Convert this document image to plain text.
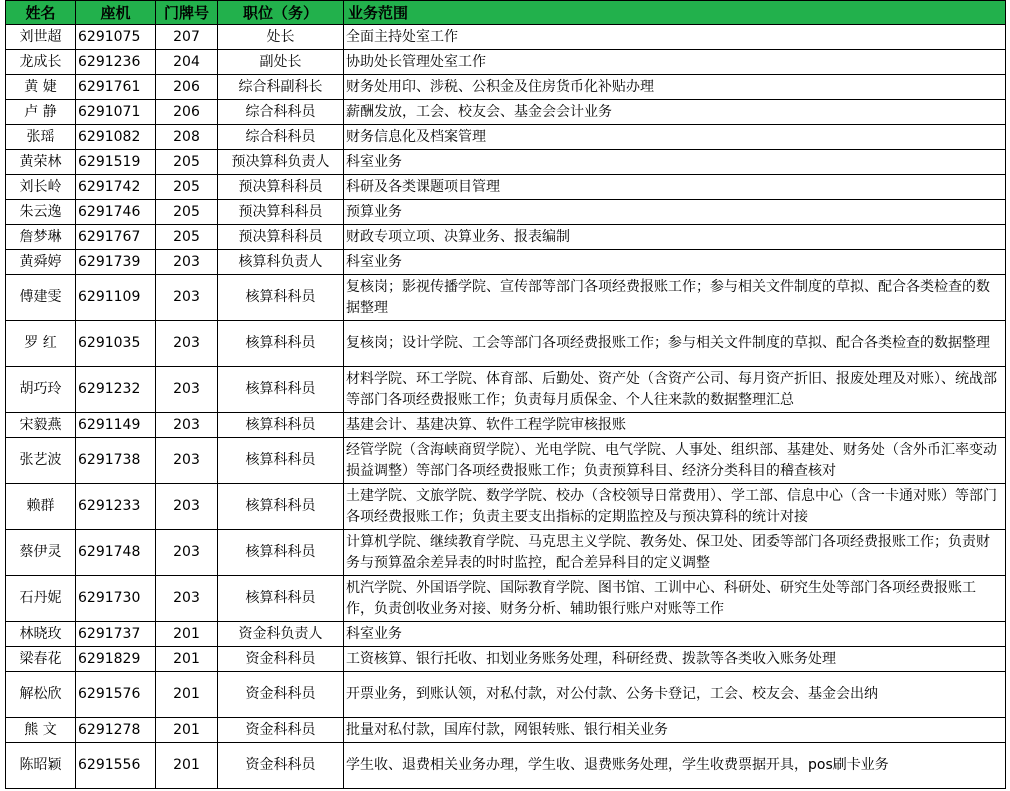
姓名	座机	门牌号	职位（务）	业务范围
刘世超	6291075	207	处长	全面主持处室工作
龙成长	6291236	204	副处长	协助处长管理处室工作
黄 婕	6291761	206	综合科副科长	财务处用印、涉税、公积金及住房货币化补贴办理
卢 静	6291071	206	综合科科员	薪酬发放，工会、校友会、基金会会计业务
张瑶	6291082	208	综合科科员	财务信息化及档案管理
黄荣林	6291519	205	预决算科负责人	科室业务
刘长岭	6291742	205	预决算科科员	科研及各类课题项目管理
朱云逸	6291746	205	预决算科科员	预算业务
詹梦琳	6291767	205	预决算科科员	财政专项立项、决算业务、报表编制
黄舜婷	6291739	203	核算科负责人	科室业务
傅建雯	6291109	203	核算科科员	复核岗；影视传播学院、宣传部等部门各项经费报账工作；参与相关文件制度的草拟、配合各类检查的数据整理
罗 红	6291035	203	核算科科员	复核岗；设计学院、工会等部门各项经费报账工作；参与相关文件制度的草拟、配合各类检查的数据整理
胡巧玲	6291232	203	核算科科员	材料学院、环工学院、体育部、后勤处、资产处（含资产公司、每月资产折旧、报废处理及对账）、统战部等部门各项经费报账工作；负责每月质保金、个人往来款的数据整理汇总
宋毅燕	6291149	203	核算科科员	基建会计、基建决算、软件工程学院审核报账
张艺波	6291738	203	核算科科员	经管学院（含海峡商贸学院）、光电学院、电气学院、人事处、组织部、基建处、财务处（含外币汇率变动损益调整）等部门各项经费报账工作；负责预算科目、经济分类科目的稽查核对
赖群	6291233	203	核算科科员	土建学院、文旅学院、数学学院、校办（含校领导日常费用）、学工部、信息中心（含一卡通对账）等部门各项经费报账工作；负责主要支出指标的定期监控及与预决算科的统计对接
蔡伊灵	6291748	203	核算科科员	计算机学院、继续教育学院、马克思主义学院、教务处、保卫处、团委等部门各项经费报账工作；负责财务与预算盈余差异表的时时监控，配合差异科目的定义调整
石丹妮	6291730	203	核算科科员	机汽学院、外国语学院、国际教育学院、图书馆、工训中心、科研处、研究生处等部门各项经费报账工作，负责创收业务对接、财务分析、辅助银行账户对账等工作
林晓玫	6291737	201	资金科负责人	科室业务
梁春花	6291829	201	资金科科员	工资核算、银行托收、扣划业务账务处理，科研经费、拨款等各类收入账务处理
解松欣	6291576	201	资金科科员	开票业务，到账认领，对私付款，对公付款、公务卡登记，工会、校友会、基金会出纳
熊 文	6291278	201	资金科科员	批量对私付款，国库付款，网银转账、银行相关业务
陈昭颖	6291556	201	资金科科员	学生收、退费相关业务办理，学生收、退费账务处理，学生收费票据开具，pos刷卡业务
